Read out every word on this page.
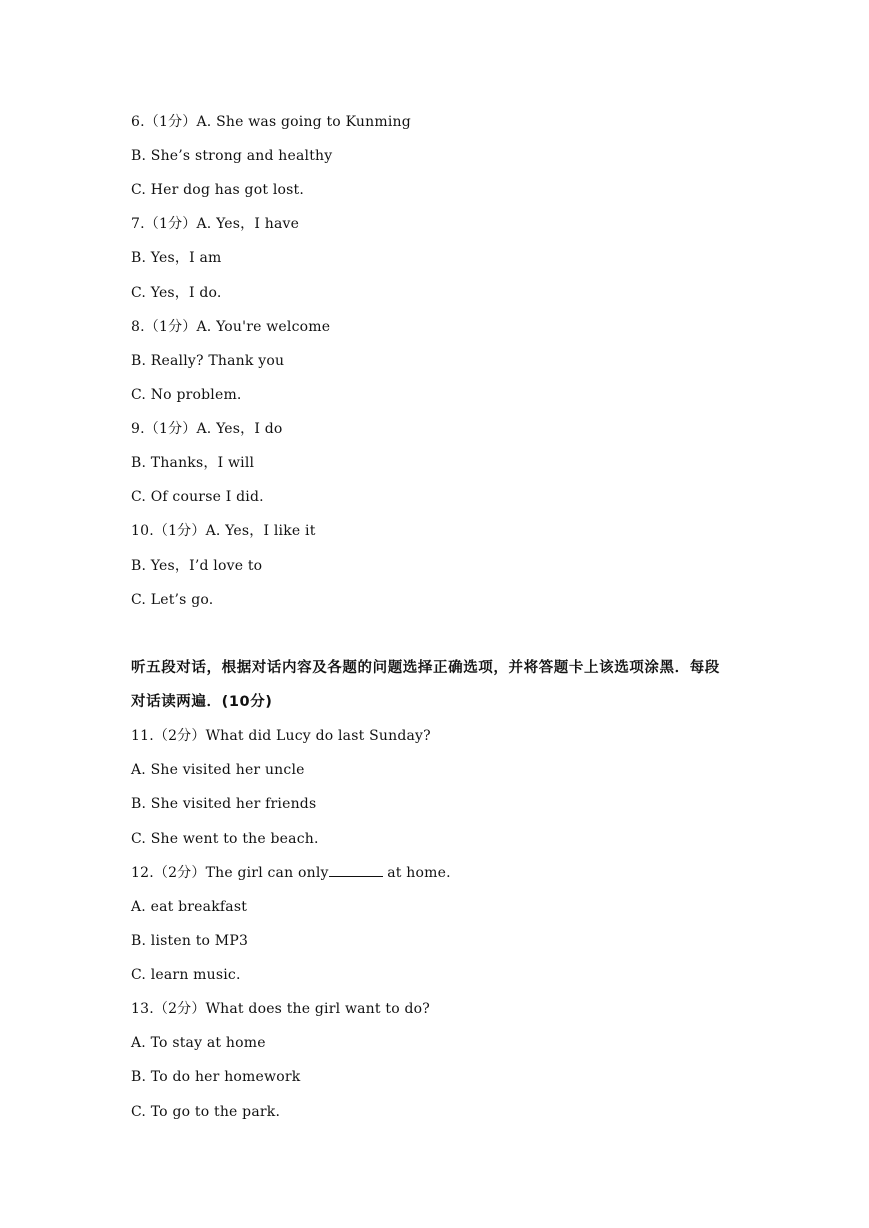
6.（1分）A. She was going to Kunming
B. She’s strong and healthy
C. Her dog has got lost.
7.（1分）A. Yes，I have
B. Yes，I am
C. Yes，I do.
8.（1分）A. You're welcome
B. Really? Thank you
C. No problem.
9.（1分）A. Yes，I do
B. Thanks，I will
C. Of course I did.
10.（1分）A. Yes，I like it
B. Yes，I’d love to
C. Let’s go.
听五段对话，根据对话内容及各题的问题选择正确选项，并将答题卡上该选项涂黑．每段
对话读两遍．(10分)
11.（2分）What did Lucy do last Sunday?
A. She visited her uncle
B. She visited her friends
C. She went to the beach.
12.（2分）The girl can only	at home.
A. eat breakfast
B. listen to MP3
C. learn music.
13.（2分）What does the girl want to do?
A. To stay at home
B. To do her homework
C. To go to the park.
